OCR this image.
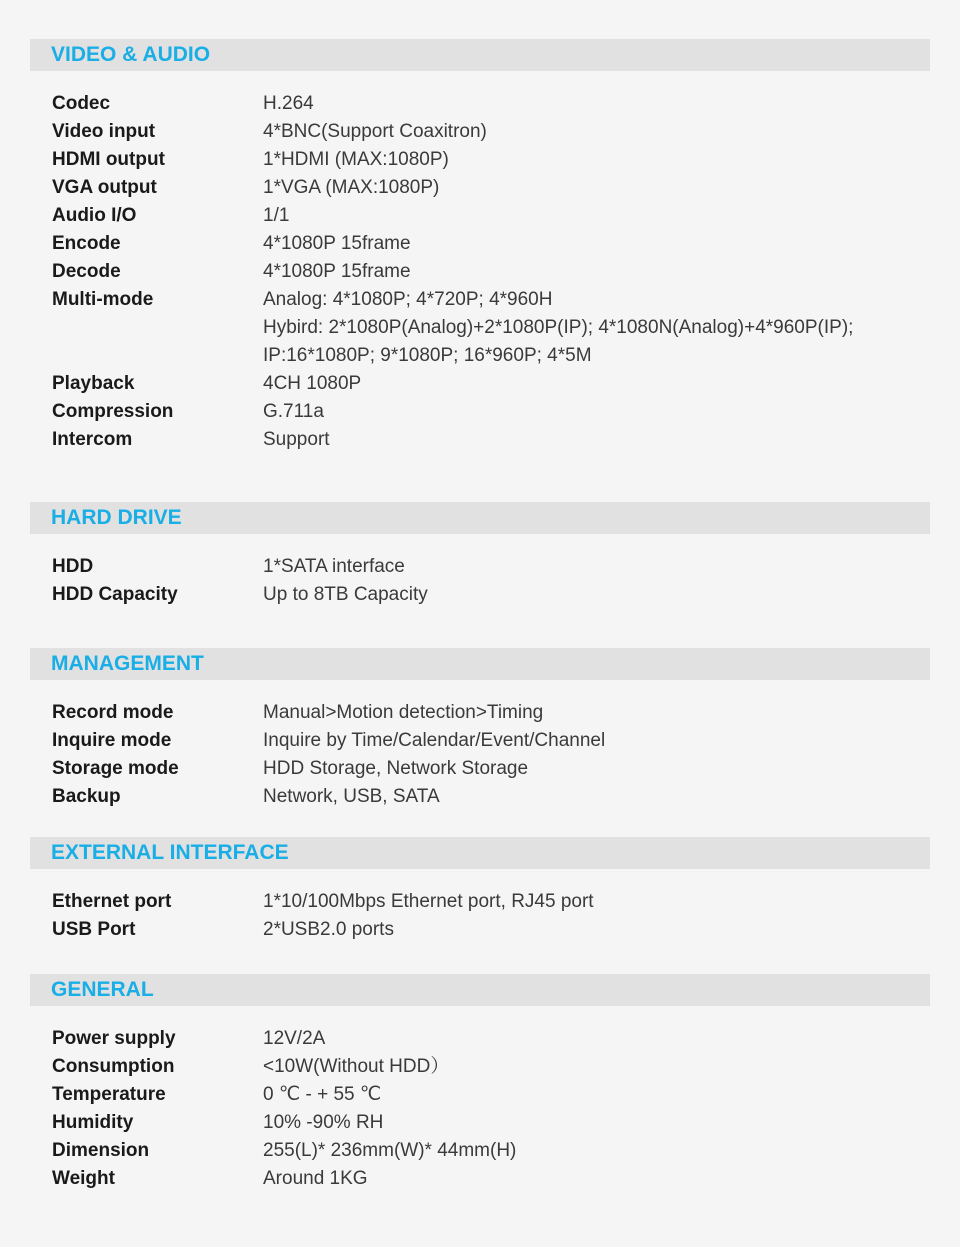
VIDEO & AUDIO
Codec	H.264
Video input	4*BNC(Support Coaxitron)
HDMI output	1*HDMI (MAX:1080P)
VGA output	1*VGA (MAX:1080P)
Audio I/O	1/1
Encode	4*1080P 15frame
Decode	4*1080P 15frame
Multi-mode	Analog: 4*1080P; 4*720P; 4*960H
Hybird: 2*1080P(Analog)+2*1080P(IP); 4*1080N(Analog)+4*960P(IP);
IP:16*1080P; 9*1080P; 16*960P; 4*5M
Playback	4CH 1080P
Compression	G.711a
Intercom	Support
HARD DRIVE
HDD	1*SATA interface
HDD Capacity	Up to 8TB Capacity
MANAGEMENT
Record mode	Manual>Motion detection>Timing
Inquire mode	Inquire by Time/Calendar/Event/Channel
Storage mode	HDD Storage, Network Storage
Backup	Network, USB, SATA
EXTERNAL INTERFACE
Ethernet port	1*10/100Mbps Ethernet port, RJ45 port
USB Port	2*USB2.0 ports
GENERAL
Power supply	12V/2A
Consumption	<10W(Without HDD）
Temperature	0 ℃ - + 55 ℃
Humidity	10% -90% RH
Dimension	255(L)* 236mm(W)* 44mm(H)
Weight	Around 1KG
